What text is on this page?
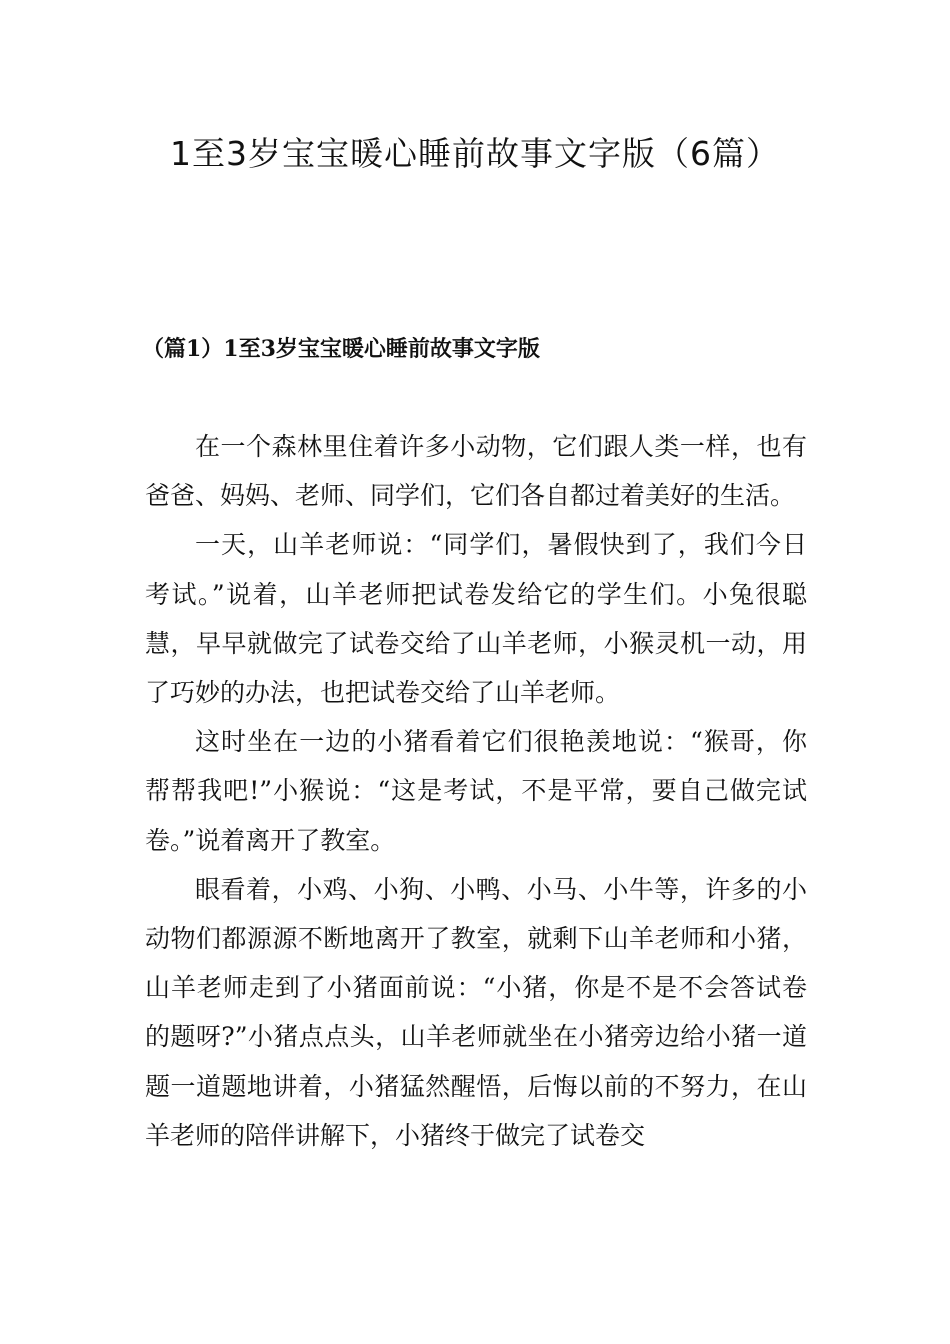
1至3岁宝宝暖心睡前故事文字版（6篇）
（篇1）1至3岁宝宝暖心睡前故事文字版

在一个森林里住着许多小动物，它们跟人类一样，也有爸爸、妈妈、老师、同学们，它们各自都过着美好的生活。

一天，山羊老师说：“同学们，暑假快到了，我们今日考试。”说着，山羊老师把试卷发给它的学生们。小兔很聪慧，早早就做完了试卷交给了山羊老师，小猴灵机一动，用了巧妙的办法，也把试卷交给了山羊老师。

这时坐在一边的小猪看着它们很艳羡地说：“猴哥，你帮帮我吧!”小猴说：“这是考试，不是平常，要自己做完试卷。”说着离开了教室。

眼看着，小鸡、小狗、小鸭、小马、小牛等，许多的小动物们都源源不断地离开了教室，就剩下山羊老师和小猪，山羊老师走到了小猪面前说：“小猪，你是不是不会答试卷的题呀?”小猪点点头，山羊老师就坐在小猪旁边给小猪一道题一道题地讲着，小猪猛然醒悟，后悔以前的不努力，在山羊老师的陪伴讲解下，小猪终于做完了试卷交
